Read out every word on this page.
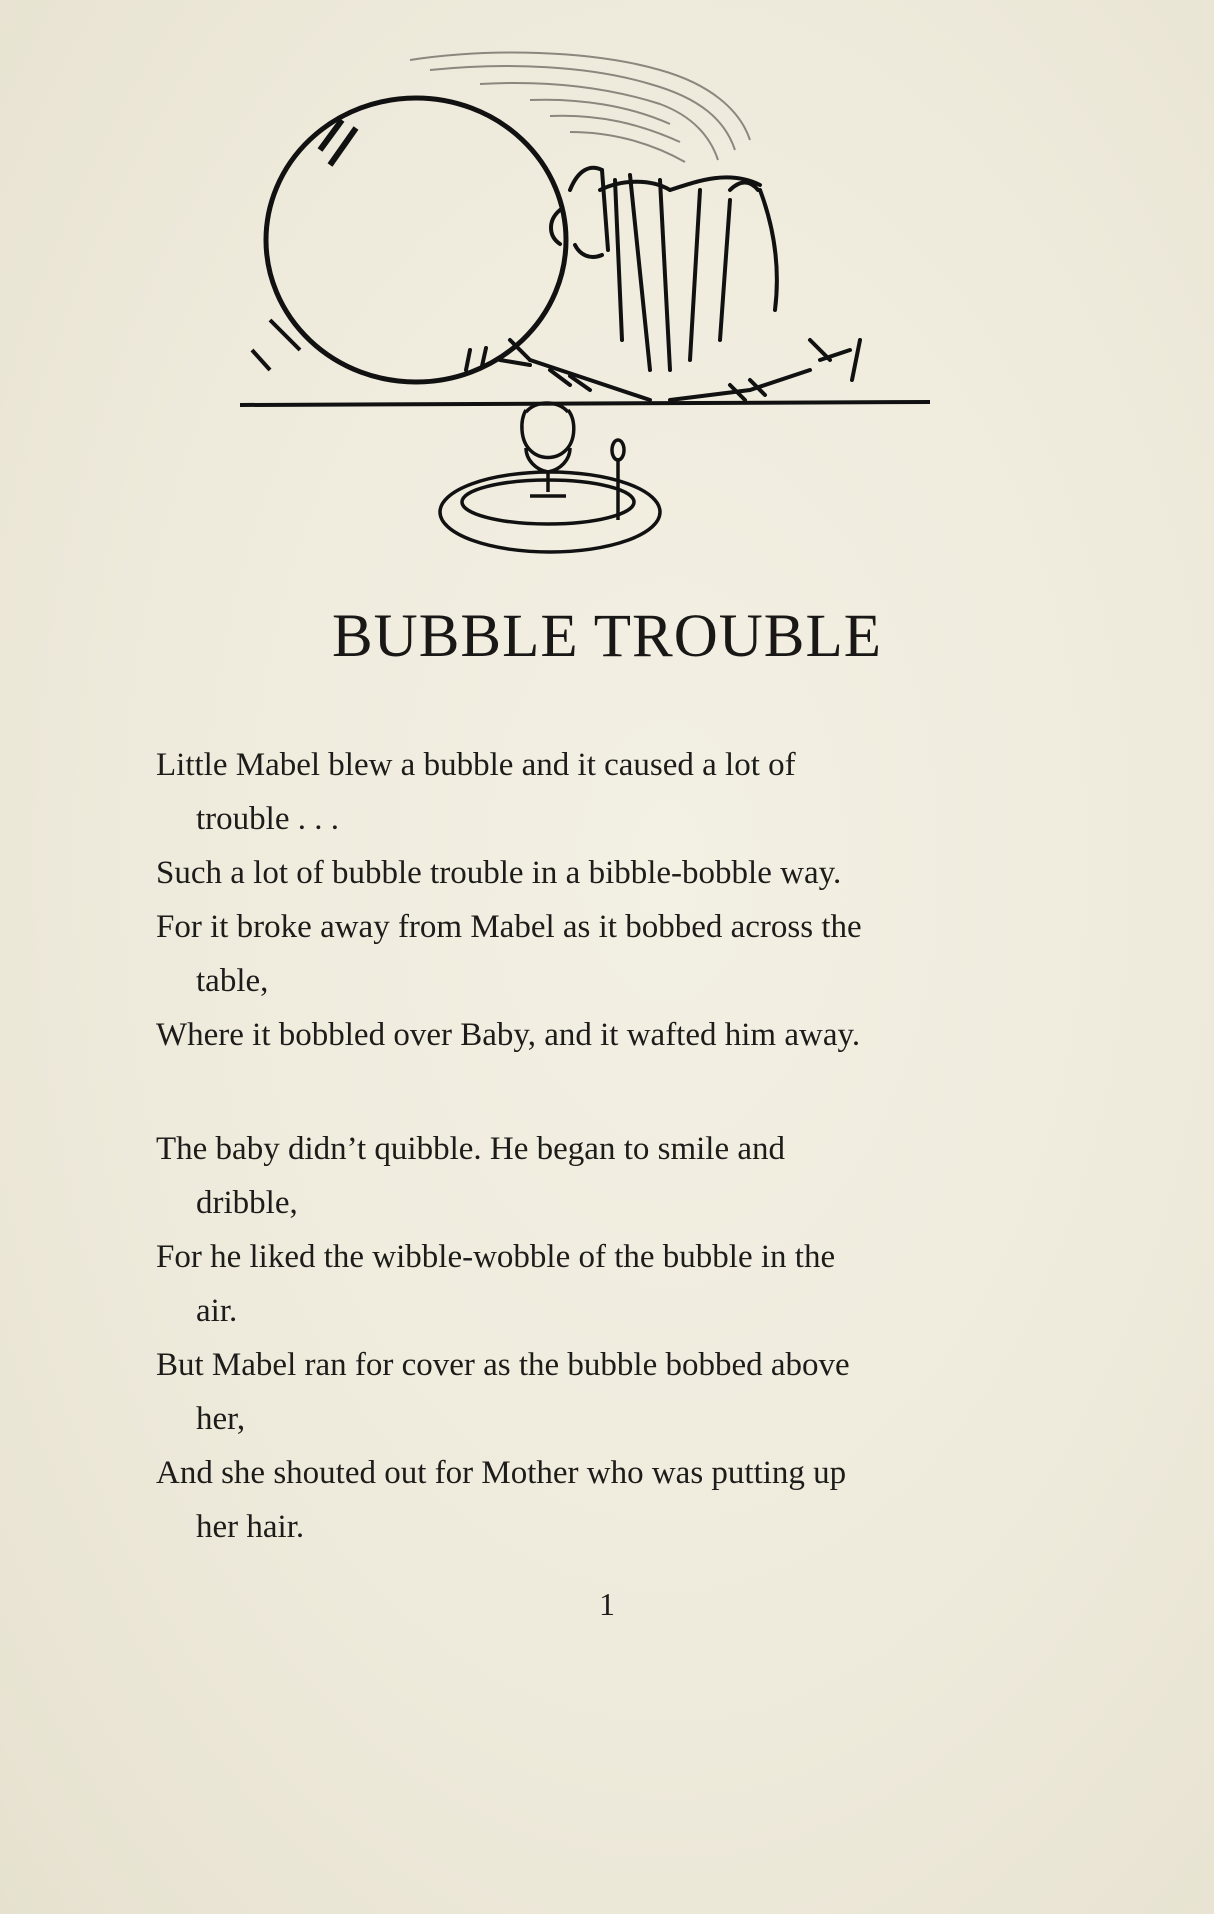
BUBBLE TROUBLE

Little Mabel blew a bubble and it caused a lot of
trouble . . .

Such a lot of bubble trouble in a bibble-bobble way.

For it broke away from Mabel as it bobbed across the
table,

Where it bobbled over Baby, and it wafted him away.

The baby didn’t quibble. He began to smile and
dribble,

For he liked the wibble-wobble of the bubble in the
air.

But Mabel ran for cover as the bubble bobbed above
her,

And she shouted out for Mother who was putting up
her hair.

1
